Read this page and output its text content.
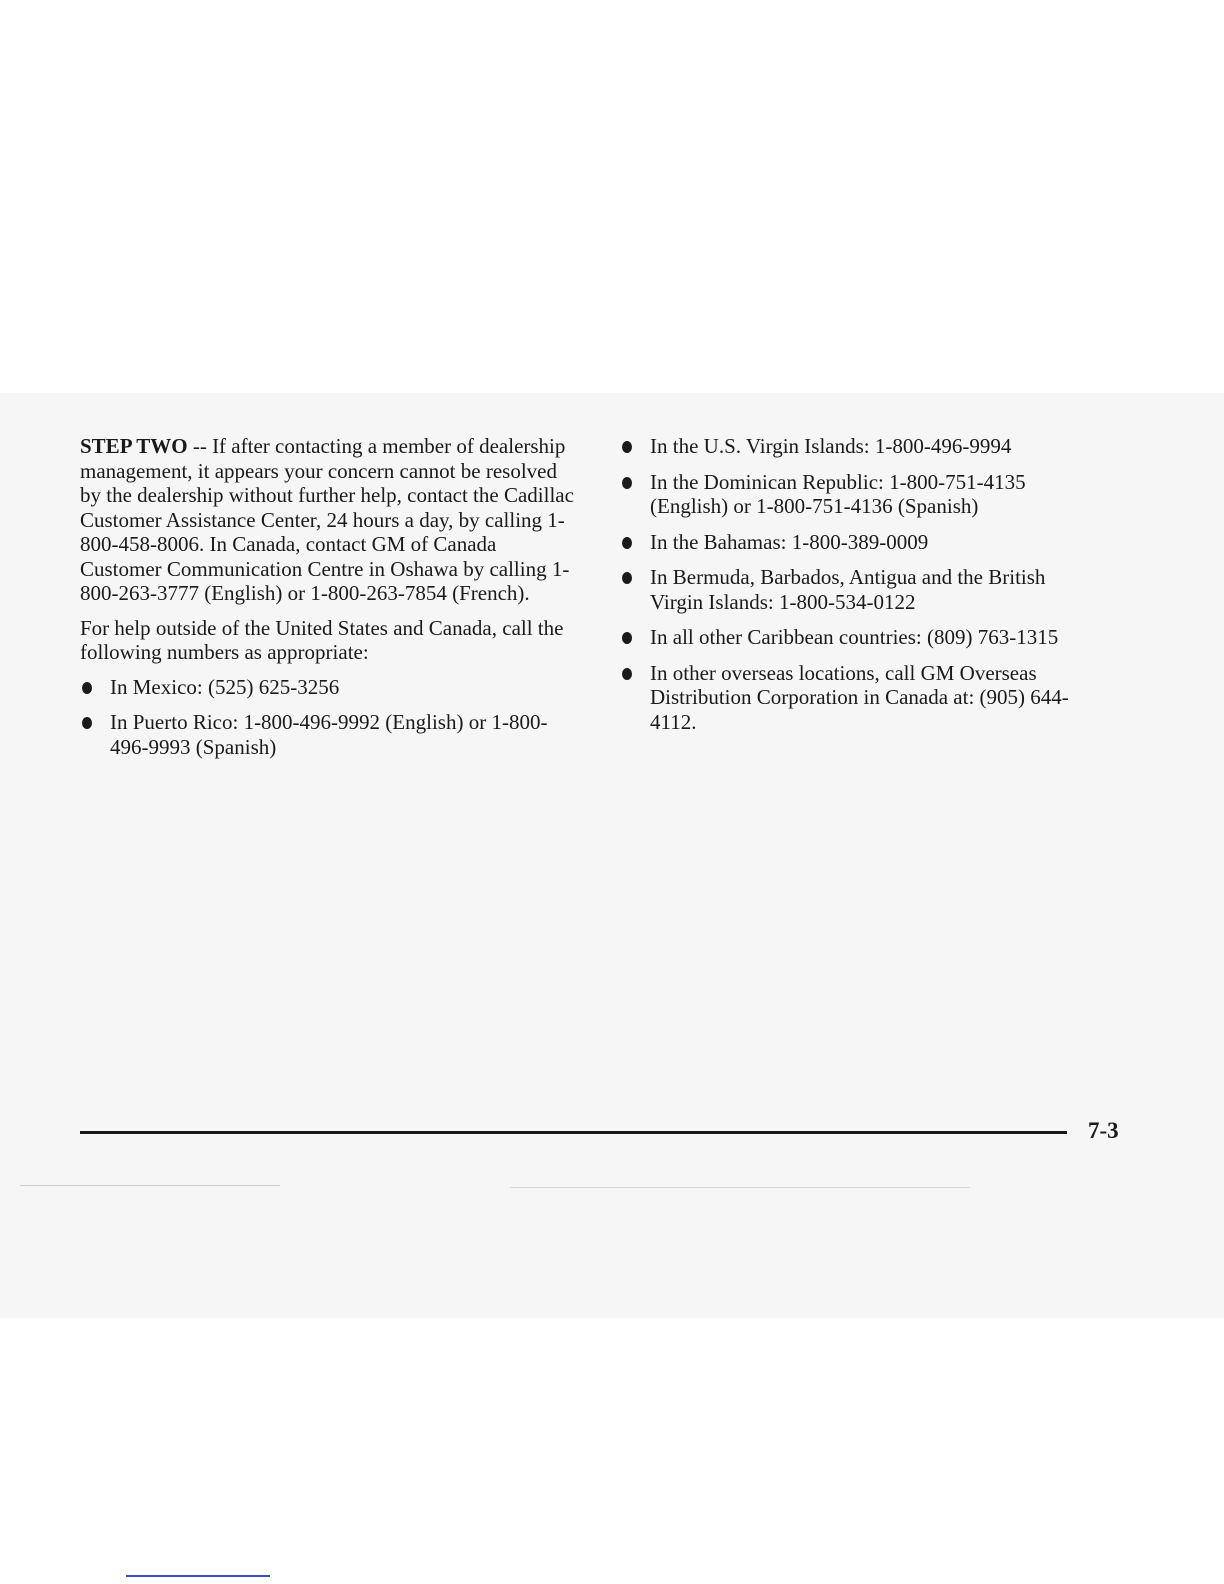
STEP TWO -- If after contacting a member of dealership management, it appears your concern cannot be resolved by the dealership without further help, contact the Cadillac Customer Assistance Center, 24 hours a day, by calling 1-800-458-8006. In Canada, contact GM of Canada Customer Communication Centre in Oshawa by calling 1-800-263-3777 (English) or 1-800-263-7854 (French).

For help outside of the United States and Canada, call the following numbers as appropriate:

In Mexico: (525) 625-3256
In Puerto Rico: 1-800-496-9992 (English) or 1-800-496-9993 (Spanish)
In the U.S. Virgin Islands: 1-800-496-9994
In the Dominican Republic: 1-800-751-4135 (English) or 1-800-751-4136 (Spanish)
In the Bahamas: 1-800-389-0009
In Bermuda, Barbados, Antigua and the British Virgin Islands: 1-800-534-0122
In all other Caribbean countries: (809) 763-1315
In other overseas locations, call GM Overseas Distribution Corporation in Canada at: (905) 644-4112.
7-3
